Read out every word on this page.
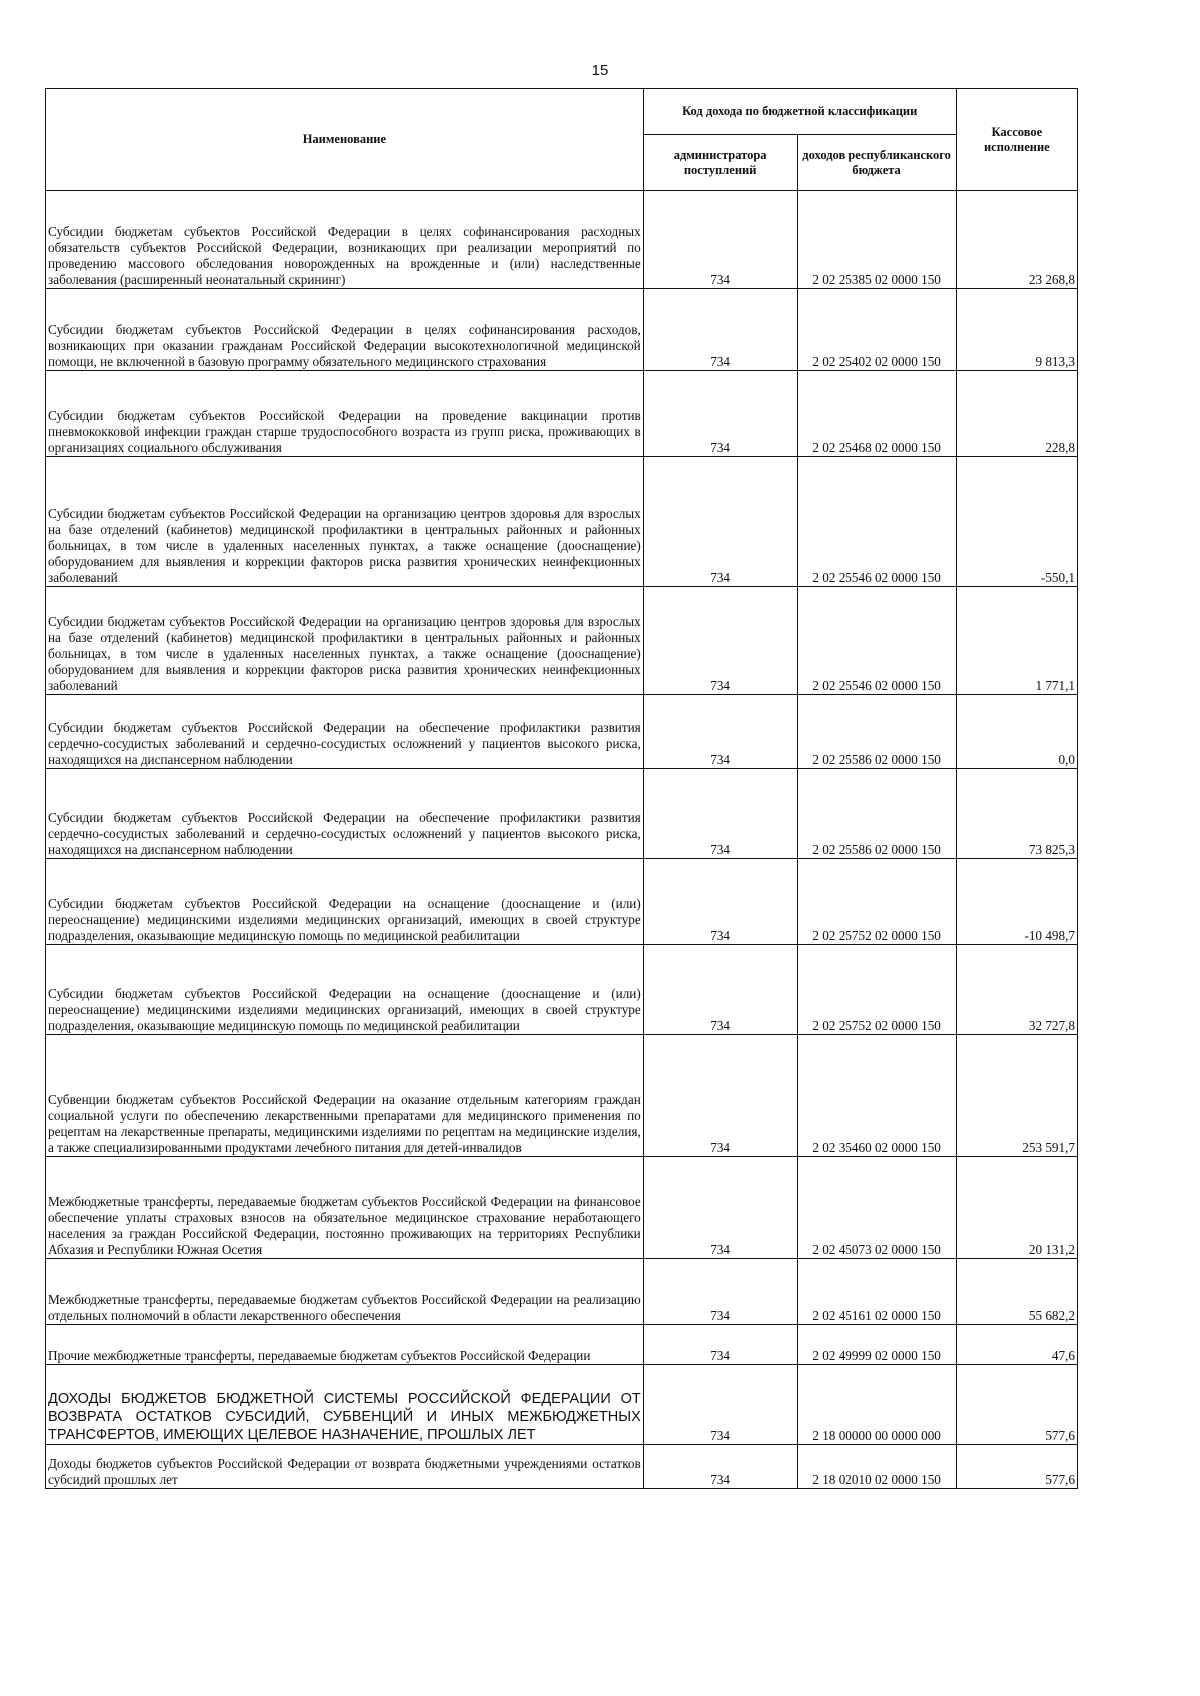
15
Наименование	Код дохода по бюджетной классификации		Кассовое исполнение
	администратора поступлений	доходов республиканского бюджета	
Субсидии бюджетам субъектов Российской Федерации в целях софинансирования расходных обязательств субъектов Российской Федерации, возникающих при реализации мероприятий по проведению массового обследования новорожденных на врожденные и (или) наследственные заболевания (расширенный неонатальный скрининг)	734	2 02 25385 02 0000 150	23 268,8
Субсидии бюджетам субъектов Российской Федерации в целях софинансирования расходов, возникающих при оказании гражданам Российской Федерации высокотехнологичной медицинской помощи, не включенной в базовую программу обязательного медицинского страхования	734	2 02 25402 02 0000 150	9 813,3
Субсидии бюджетам субъектов Российской Федерации на проведение вакцинации против пневмококковой инфекции граждан старше трудоспособного возраста из групп риска, проживающих в организациях социального обслуживания	734	2 02 25468 02 0000 150	228,8
Субсидии бюджетам субъектов Российской Федерации на организацию центров здоровья для взрослых на базе отделений (кабинетов) медицинской профилактики в центральных районных и районных больницах, в том числе в удаленных населенных пунктах, а также оснащение (дооснащение) оборудованием для выявления и коррекции факторов риска развития хронических неинфекционных заболеваний	734	2 02 25546 02 0000 150	-550,1
Субсидии бюджетам субъектов Российской Федерации на организацию центров здоровья для взрослых на базе отделений (кабинетов) медицинской профилактики в центральных районных и районных больницах, в том числе в удаленных населенных пунктах, а также оснащение (дооснащение) оборудованием для выявления и коррекции факторов риска развития хронических неинфекционных заболеваний	734	2 02 25546 02 0000 150	1 771,1
Субсидии бюджетам субъектов Российской Федерации на обеспечение профилактики развития сердечно-сосудистых заболеваний и сердечно-сосудистых осложнений у пациентов высокого риска, находящихся на диспансерном наблюдении	734	2 02 25586 02 0000 150	0,0
Субсидии бюджетам субъектов Российской Федерации на обеспечение профилактики развития сердечно-сосудистых заболеваний и сердечно-сосудистых осложнений у пациентов высокого риска, находящихся на диспансерном наблюдении	734	2 02 25586 02 0000 150	73 825,3
Субсидии бюджетам субъектов Российской Федерации на оснащение (дооснащение и (или) переоснащение) медицинскими изделиями медицинских организаций, имеющих в своей структуре подразделения, оказывающие медицинскую помощь по медицинской реабилитации	734	2 02 25752 02 0000 150	-10 498,7
Субсидии бюджетам субъектов Российской Федерации на оснащение (дооснащение и (или) переоснащение) медицинскими изделиями медицинских организаций, имеющих в своей структуре подразделения, оказывающие медицинскую помощь по медицинской реабилитации	734	2 02 25752 02 0000 150	32 727,8
Субвенции бюджетам субъектов Российской Федерации на оказание отдельным категориям граждан социальной услуги по обеспечению лекарственными препаратами для медицинского применения по рецептам на лекарственные препараты, медицинскими изделиями по рецептам на медицинские изделия, а также специализированными продуктами лечебного питания для детей-инвалидов	734	2 02 35460 02 0000 150	253 591,7
Межбюджетные трансферты, передаваемые бюджетам субъектов Российской Федерации на финансовое обеспечение уплаты страховых взносов на обязательное медицинское страхование неработающего населения за граждан Российской Федерации, постоянно проживающих на территориях Республики Абхазия и Республики Южная Осетия	734	2 02 45073 02 0000 150	20 131,2
Межбюджетные трансферты, передаваемые бюджетам субъектов Российской Федерации на реализацию отдельных полномочий в области лекарственного обеспечения	734	2 02 45161 02 0000 150	55 682,2
Прочие межбюджетные трансферты, передаваемые бюджетам субъектов Российской Федерации	734	2 02 49999 02 0000 150	47,6
ДОХОДЫ БЮДЖЕТОВ БЮДЖЕТНОЙ СИСТЕМЫ РОССИЙСКОЙ ФЕДЕРАЦИИ ОТ ВОЗВРАТА ОСТАТКОВ СУБСИДИЙ, СУБВЕНЦИЙ И ИНЫХ МЕЖБЮДЖЕТНЫХ ТРАНСФЕРТОВ, ИМЕЮЩИХ ЦЕЛЕВОЕ НАЗНАЧЕНИЕ, ПРОШЛЫХ ЛЕТ	734	2 18 00000 00 0000 000	577,6
Доходы бюджетов субъектов Российской Федерации от возврата бюджетными учреждениями остатков субсидий прошлых лет	734	2 18 02010 02 0000 150	577,6
